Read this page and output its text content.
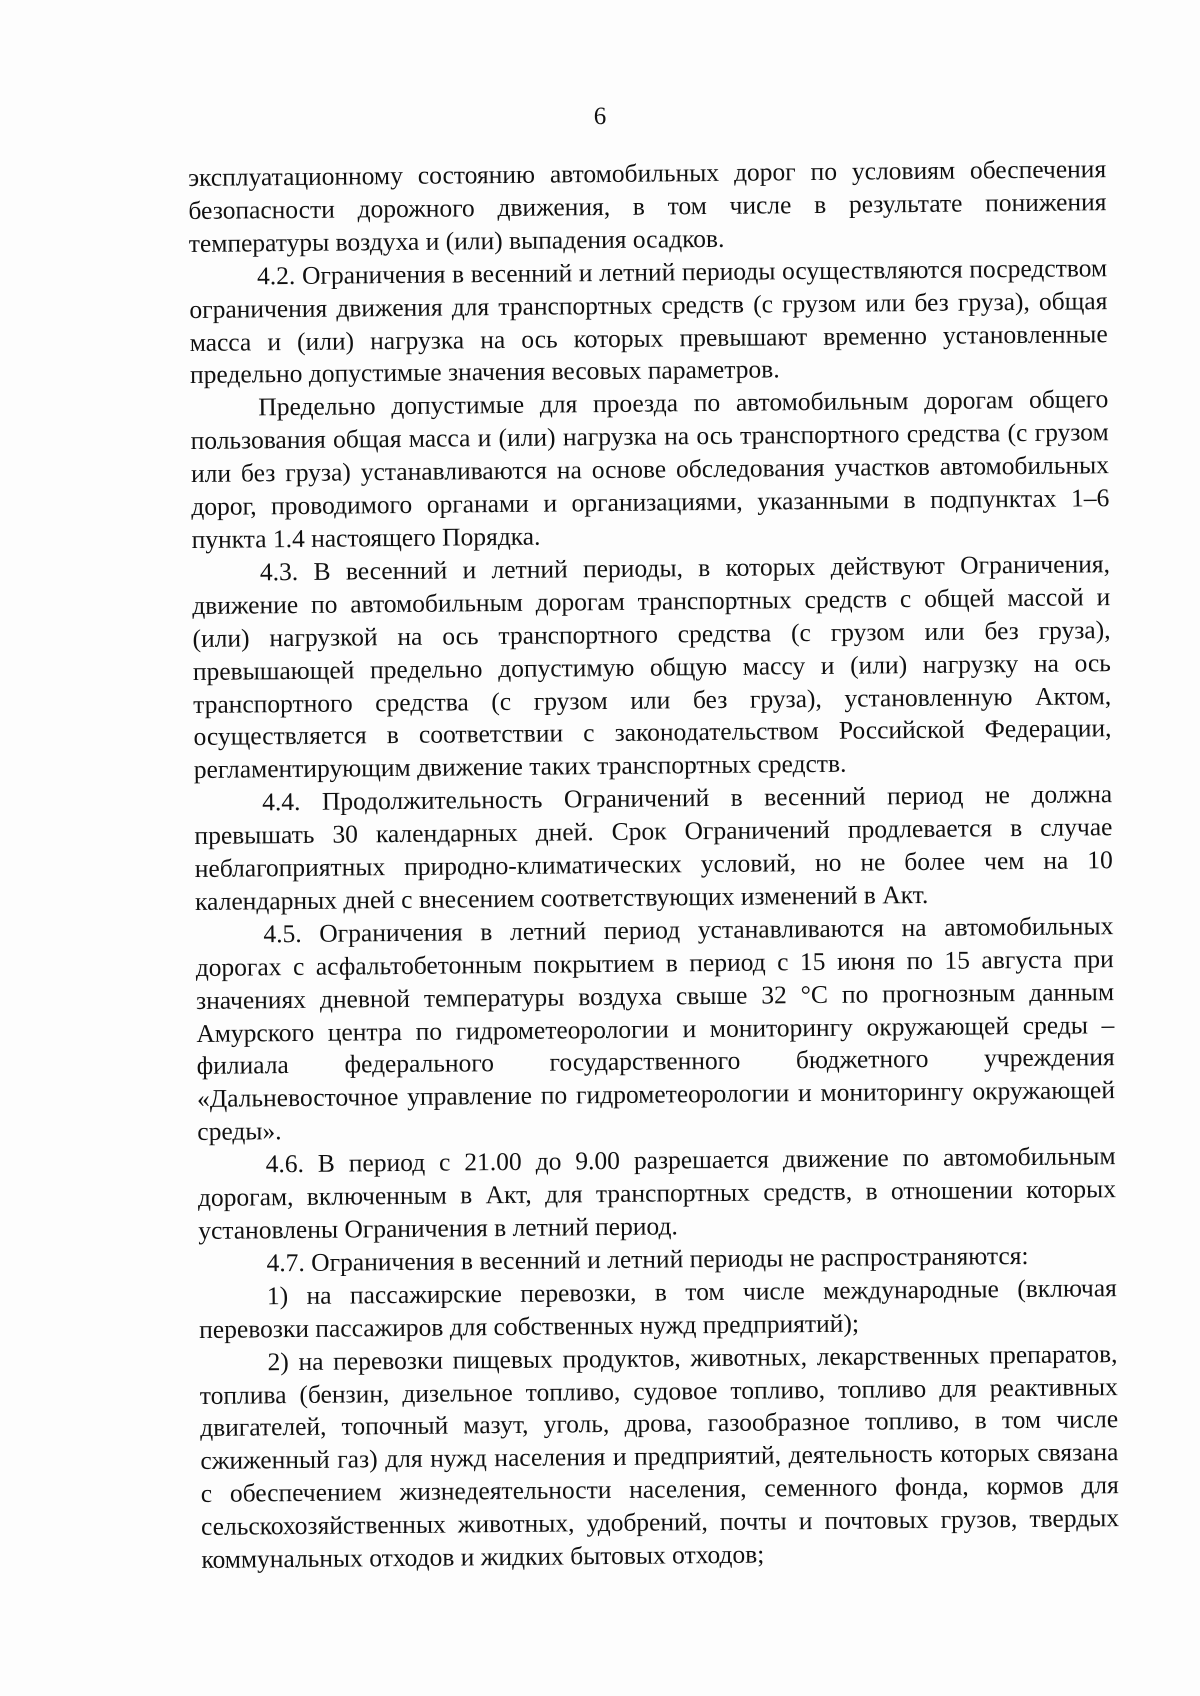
6

эксплуатационному состоянию автомобильных дорог по условиям обеспечения безопасности дорожного движения, в том числе в результате понижения температуры воздуха и (или) выпадения осадков.

4.2. Ограничения в весенний и летний периоды осуществляются посредством ограничения движения для транспортных средств (с грузом или без груза), общая масса и (или) нагрузка на ось которых превышают временно установленные предельно допустимые значения весовых параметров.

Предельно допустимые для проезда по автомобильным дорогам общего пользования общая масса и (или) нагрузка на ось транспортного средства (с грузом или без груза) устанавливаются на основе обследования участков автомобильных дорог, проводимого органами и организациями, указанными в подпунктах 1–6 пункта 1.4 настоящего Порядка.

4.3. В весенний и летний периоды, в которых действуют Ограничения, движение по автомобильным дорогам транспортных средств с общей массой и (или) нагрузкой на ось транспортного средства (с грузом или без груза), превышающей предельно допустимую общую массу и (или) нагрузку на ось транспортного средства (с грузом или без груза), установленную Актом, осуществляется в соответствии с законодательством Российской Федерации, регламентирующим движение таких транспортных средств.

4.4. Продолжительность Ограничений в весенний период не должна превышать 30 календарных дней. Срок Ограничений продлевается в случае неблагоприятных природно-климатических условий, но не более чем на 10 календарных дней с внесением соответствующих изменений в Акт.

4.5. Ограничения в летний период устанавливаются на автомобильных дорогах с асфальтобетонным покрытием в период с 15 июня по 15 августа при значениях дневной температуры воздуха свыше 32 °С по прогнозным данным Амурского центра по гидрометеорологии и мониторингу окружающей среды – филиала федерального государственного бюджетного учреждения «Дальневосточное управление по гидрометеорологии и мониторингу окружающей среды».

4.6. В период с 21.00 до 9.00 разрешается движение по автомобильным дорогам, включенным в Акт, для транспортных средств, в отношении которых установлены Ограничения в летний период.

4.7. Ограничения в весенний и летний периоды не распространяются:

1) на пассажирские перевозки, в том числе международные (включая перевозки пассажиров для собственных нужд предприятий);

2) на перевозки пищевых продуктов, животных, лекарственных препаратов, топлива (бензин, дизельное топливо, судовое топливо, топливо для реактивных двигателей, топочный мазут, уголь, дрова, газообразное топливо, в том числе сжиженный газ) для нужд населения и предприятий, деятельность которых связана с обеспечением жизнедеятельности населения, семенного фонда, кормов для сельскохозяйственных животных, удобрений, почты и почтовых грузов, твердых коммунальных отходов и жидких бытовых отходов;
